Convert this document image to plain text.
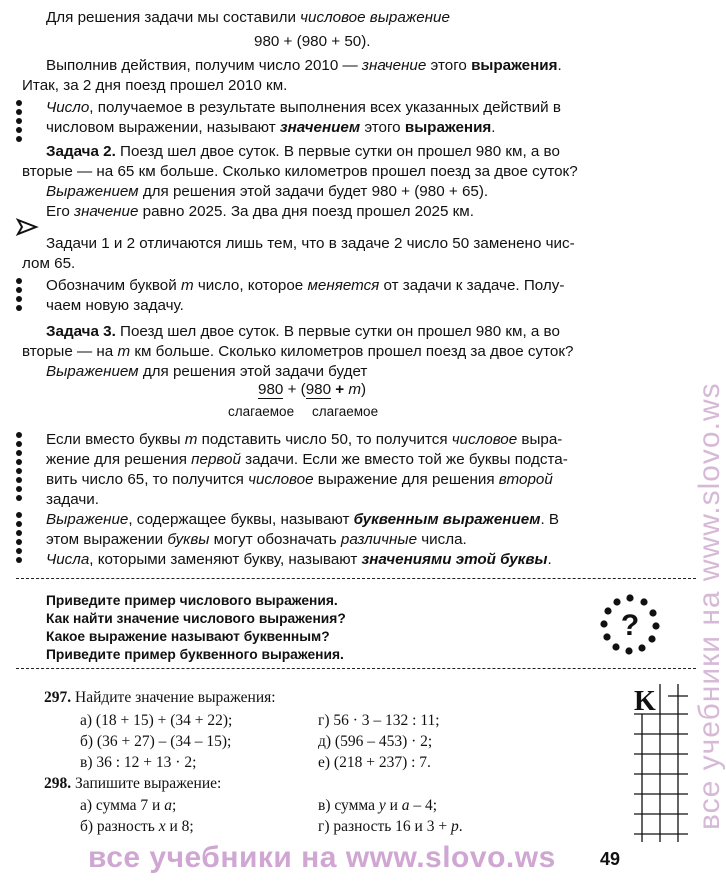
все учебники на www.slovo.ws
Для решения задачи мы составили числовое выражение
980 + (980 + 50).
Выполнив действия, получим число 2010 — значение этого выражения.
Итак, за 2 дня поезд прошел 2010 км.
Число, получаемое в результате выполнения всех указанных действий в
числовом выражении, называют значением этого выражения.
Задача 2. Поезд шел двое суток. В первые сутки он прошел 980 км, а во
вторые — на 65 км больше. Сколько километров прошел поезд за двое суток?
Выражением для решения этой задачи будет 980 + (980 + 65).
Его значение равно 2025. За два дня поезд прошел 2025 км.
Задачи 1 и 2 отличаются лишь тем, что в задаче 2 число 50 заменено чис-
лом 65.
Обозначим буквой m число, которое меняется от задачи к задаче. Полу-
чаем новую задачу.
Задача 3. Поезд шел двое суток. В первые сутки он прошел 980 км, а во
вторые — на m км больше. Сколько километров прошел поезд за двое суток?
Выражением для решения этой задачи будет
980 + (980 + m)
слагаемое слагаемое
Если вместо буквы m подставить число 50, то получится числовое выра-
жение для решения первой задачи. Если же вместо той же буквы подста-
вить число 65, то получится числовое выражение для решения второй
задачи.
Выражение, содержащее буквы, называют буквенным выражением. В
этом выражении буквы могут обозначать различные числа.
Числа, которыми заменяют букву, называют значениями этой буквы.
Приведите пример числового выражения.
Как найти значение числового выражения?
Какое выражение называют буквенным?
Приведите пример буквенного выражения.
?
297. Найдите значение выражения:
а) (18 + 15) + (34 + 22);
б) (36 + 27) – (34 – 15);
в) 36 : 12 + 13 · 2;
г) 56 · 3 – 132 : 11;
д) (596 – 453) · 2;
е) (218 + 237) : 7.
298. Запишите выражение:
а) сумма 7 и a;
б) разность x и 8;
в) сумма y и a – 4;
г) разность 16 и 3 + p.
K
все учебники на www.slovo.ws 49
